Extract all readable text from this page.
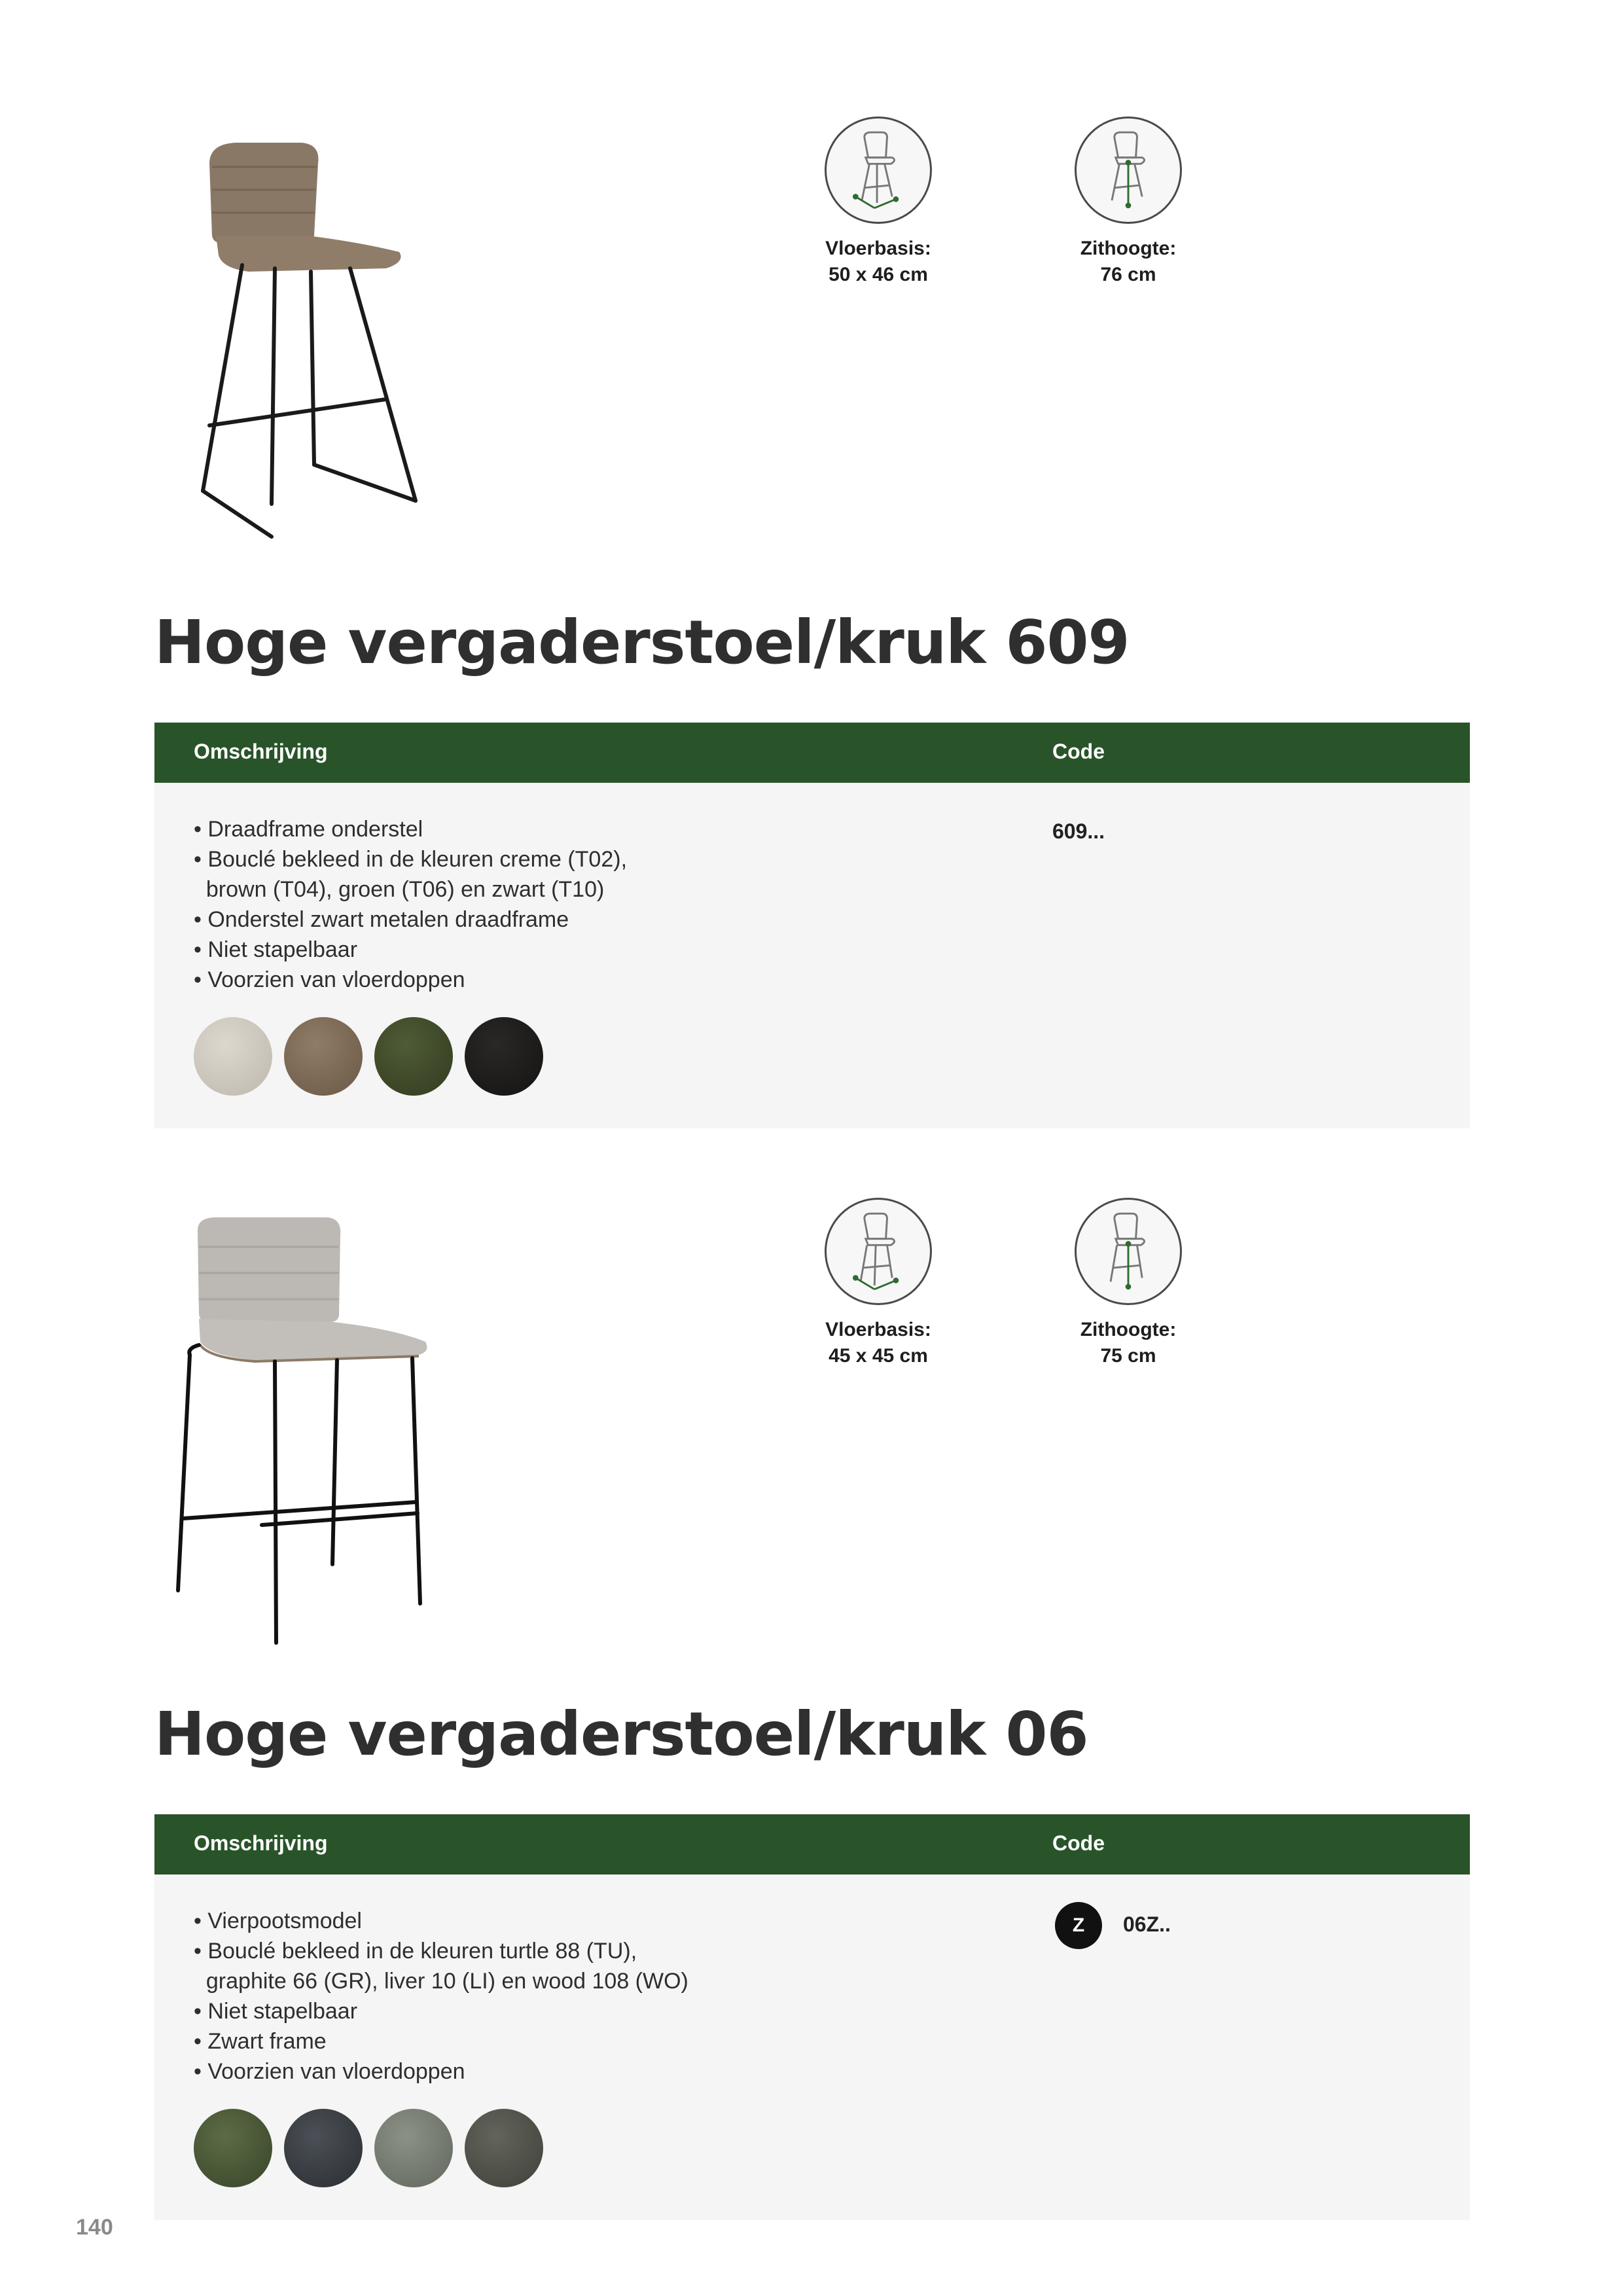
Vloerbasis:
50 x 46 cm
Zithoogte:
76 cm
Hoge vergaderstoel/kruk 609
Omschrijving	Code
• Draadframe onderstel
• Bouclé bekleed in de kleuren creme (T02),
brown (T04), groen (T06) en zwart (T10)
• Onderstel zwart metalen draadframe
• Niet stapelbaar
• Voorzien van vloerdoppen
609...
Vloerbasis:
45 x 45 cm
Zithoogte:
75 cm
Hoge vergaderstoel/kruk 06
Omschrijving	Code
• Vierpootsmodel
• Bouclé bekleed in de kleuren turtle 88 (TU),
graphite 66 (GR), liver 10 (LI) en wood 108 (WO)
• Niet stapelbaar
• Zwart frame
• Voorzien van vloerdoppen
Z	06Z..
140
